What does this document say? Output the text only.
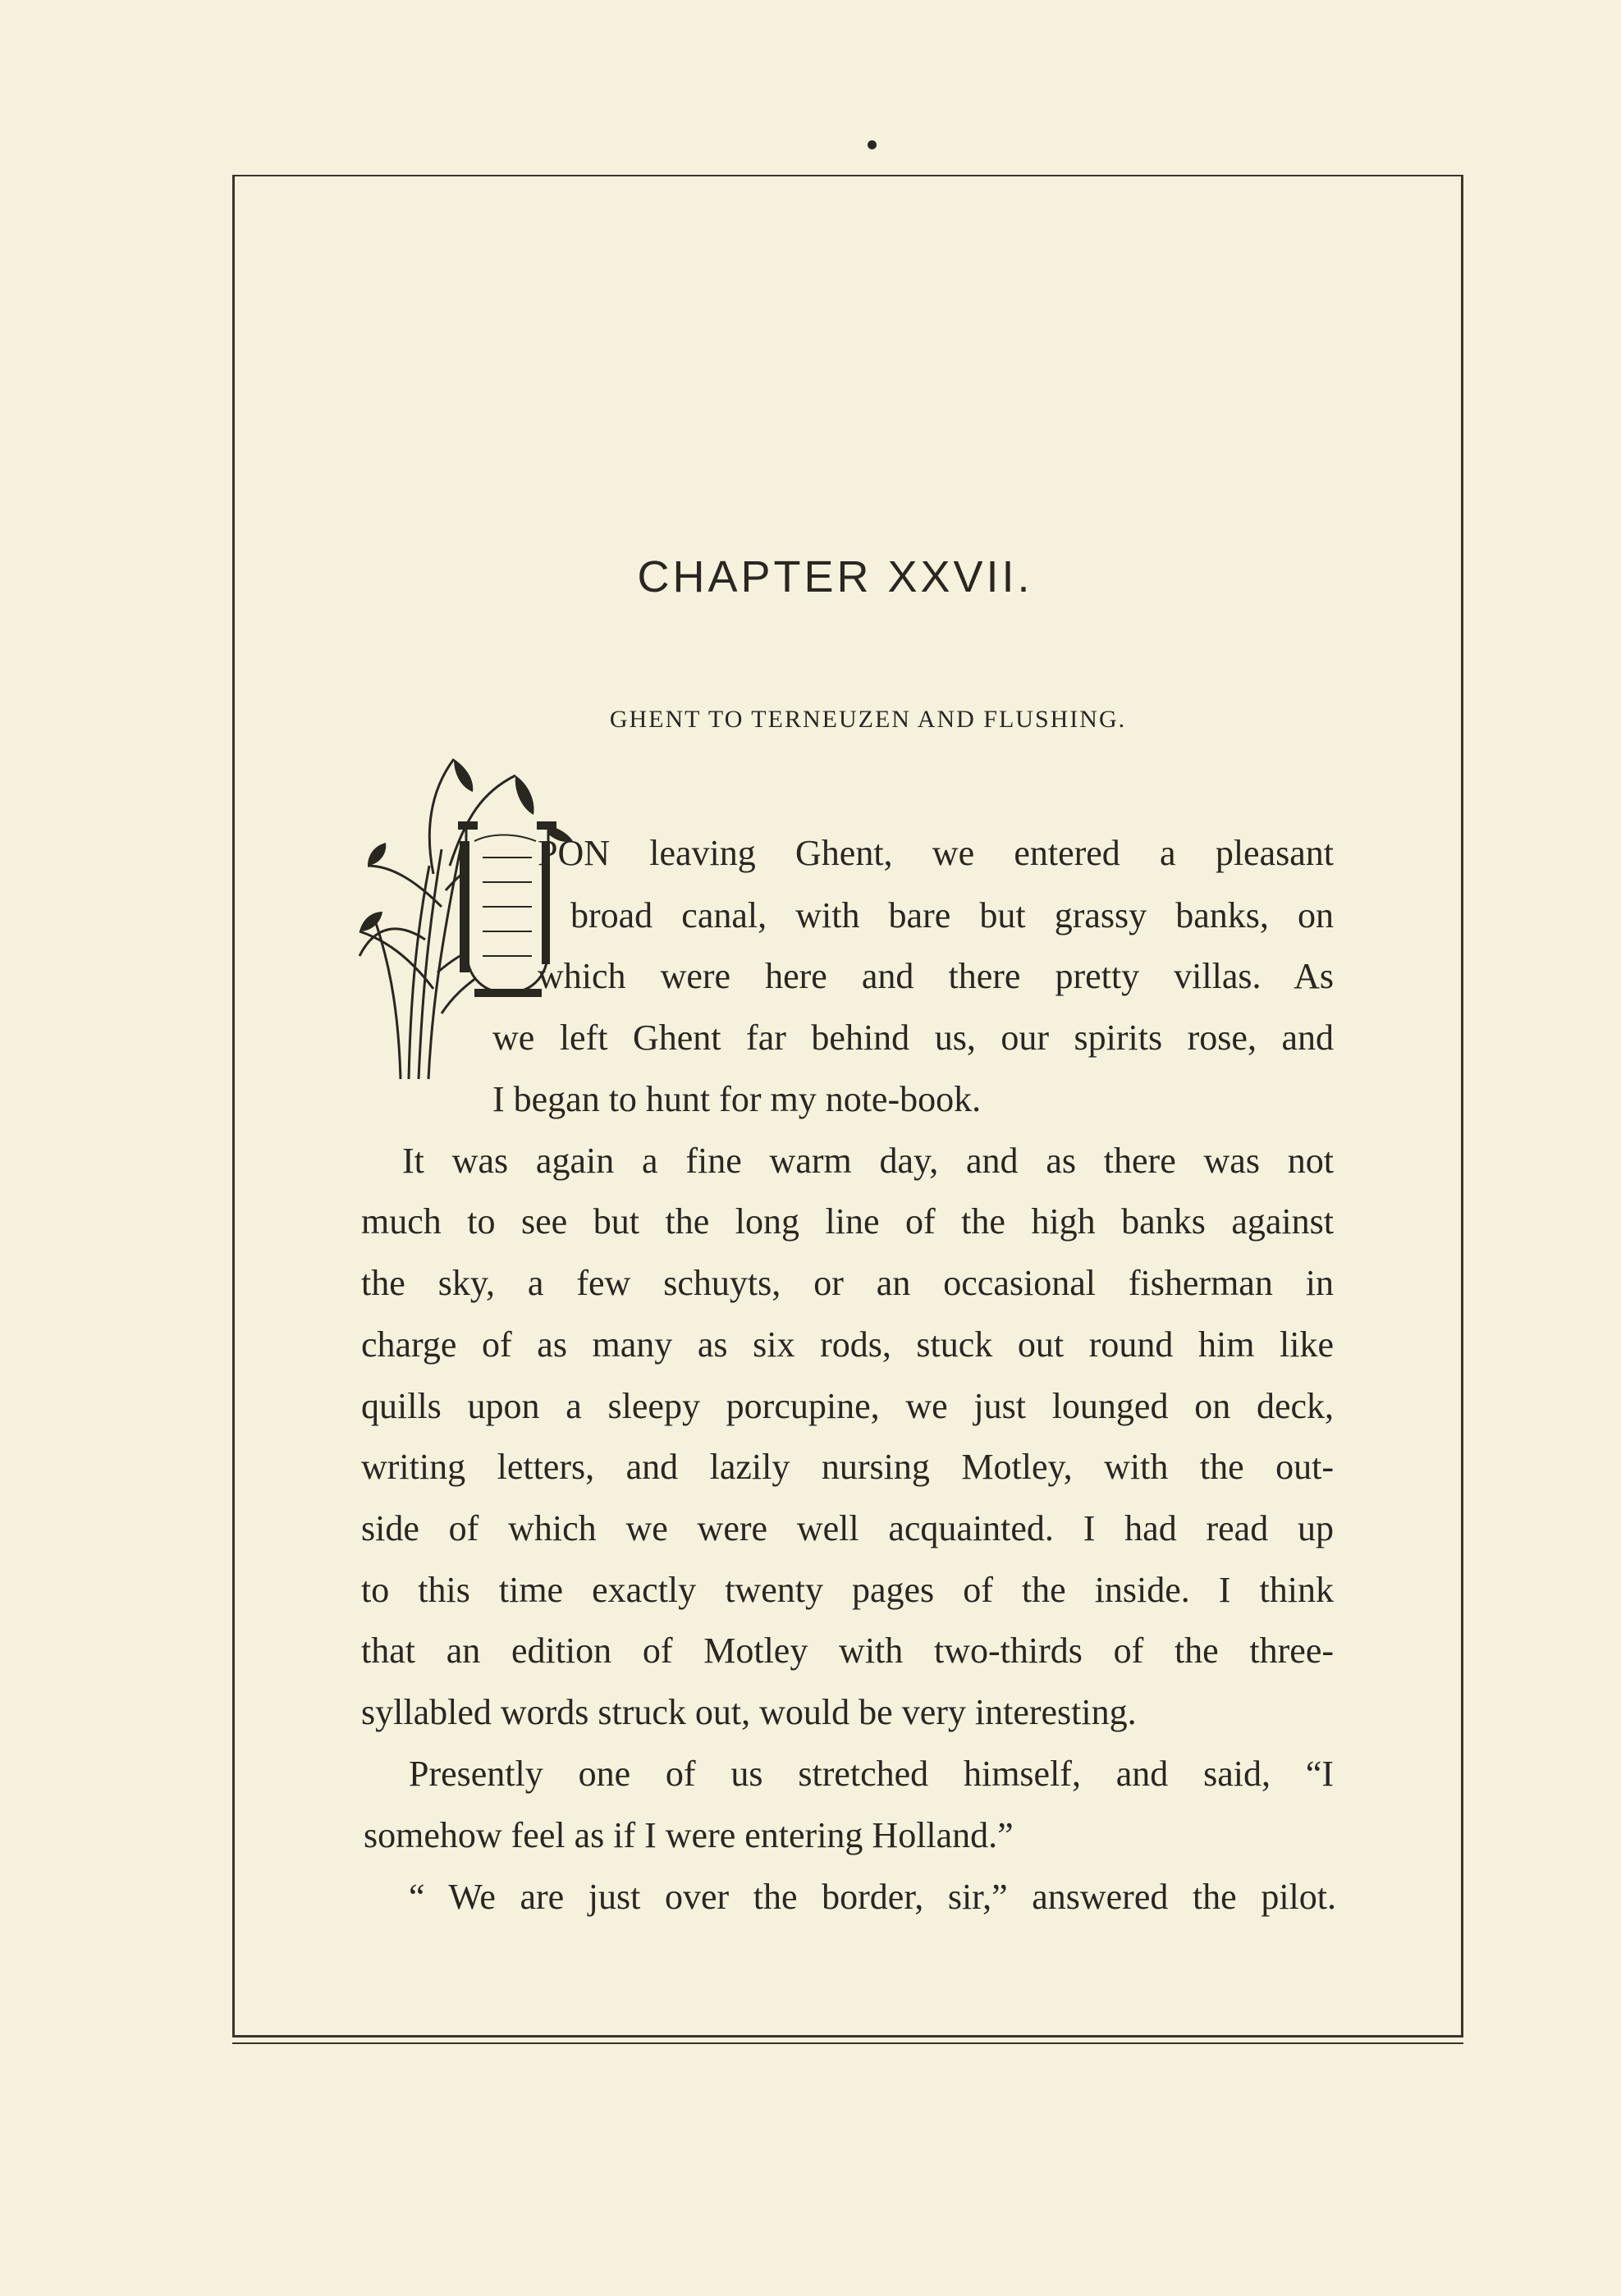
CHAPTER XXVII.
GHENT TO TERNEUZEN AND FLUSHING.
PON leaving Ghent, we entered a pleasant
broad canal, with bare but grassy banks, on
which were here and there pretty villas. As
we left Ghent far behind us, our spirits rose, and
I began to hunt for my note-book.
It was again a fine warm day, and as there was not
much to see but the long line of the high banks against
the sky, a few schuyts, or an occasional fisherman in
charge of as many as six rods, stuck out round him like
quills upon a sleepy porcupine, we just lounged on deck,
writing letters, and lazily nursing Motley, with the out-
side of which we were well acquainted. I had read up
to this time exactly twenty pages of the inside. I think
that an edition of Motley with two-thirds of the three-
syllabled words struck out, would be very interesting.
Presently one of us stretched himself, and said, “I
somehow feel as if I were entering Holland.”
“ We are just over the border, sir,” answered the pilot.
